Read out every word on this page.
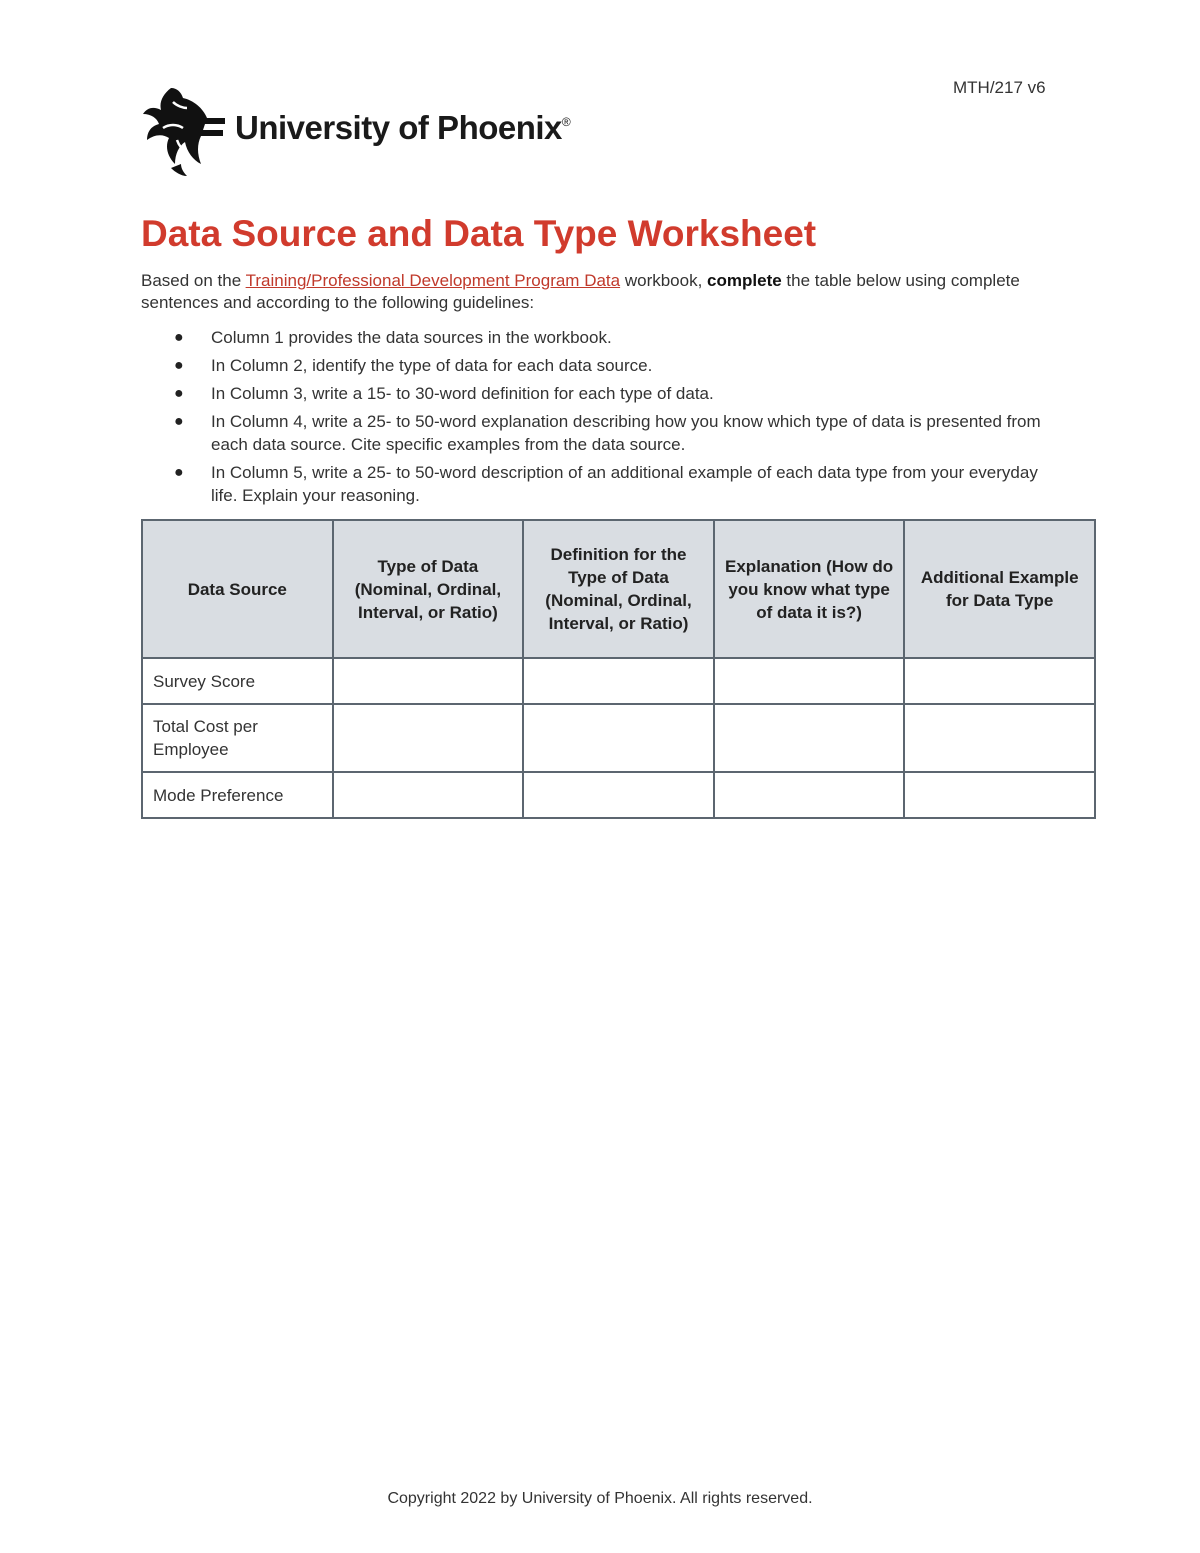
MTH/217 v6
University of Phoenix®
Data Source and Data Type Worksheet
Based on the Training/Professional Development Program Data workbook, complete the table below using complete sentences and according to the following guidelines:
● Column 1 provides the data sources in the workbook.
● In Column 2, identify the type of data for each data source.
● In Column 3, write a 15- to 30-word definition for each type of data.
● In Column 4, write a 25- to 50-word explanation describing how you know which type of data is presented from each data source. Cite specific examples from the data source.
● In Column 5, write a 25- to 50-word description of an additional example of each data type from your everyday life. Explain your reasoning.
Data Source	Type of Data (Nominal, Ordinal, Interval, or Ratio)	Definition for the Type of Data (Nominal, Ordinal, Interval, or Ratio)	Explanation (How do you know what type of data it is?)	Additional Example for Data Type
Survey Score				
Total Cost per Employee				
Mode Preference				
Copyright 2022 by University of Phoenix. All rights reserved.
